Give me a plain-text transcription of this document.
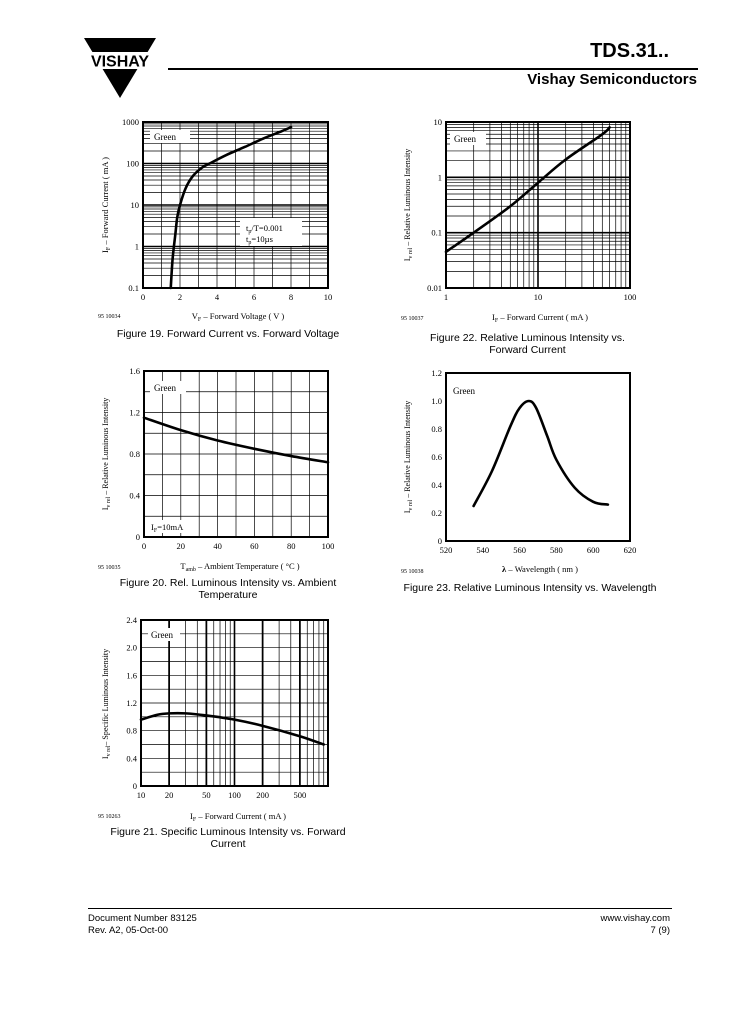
VISHAY	TDS.31..
Vishay Semiconductors
0	2	4	6	8	10
0.1
1
10
100
1000
Green
$t_p/T=0.001$
$t_p=10\mu s$
$I_F$ – Forward Current ( mA )
$V_F$ – Forward Voltage ( V )
95 10034
Figure 19. Forward Current vs. Forward Voltage
1	10	100
0.01
0.1
1
10
Green
$I_{v rel}$ – Relative Luminous Intensity
$I_F$ – Forward Current ( mA )
95 10037
Figure 22. Relative Luminous Intensity vs. Forward Current
0	20	40	60	80	100
0
0.4
0.8
1.2
1.6
Green
$I_F=10mA$
$I_{v rel}$ – Relative Luminous Intensity
$T_{amb}$ – Ambient Temperature ( °C )
95 10035
Figure 20. Rel. Luminous Intensity vs. Ambient Temperature
520	540	560	580	600	620
0
0.2
0.4
0.6
0.8
1.0
1.2
Green
$I_{v rel}$ – Relative Luminous Intensity
λ – Wavelength ( nm )
95 10038
Figure 23. Relative Luminous Intensity vs. Wavelength
10 20	50 100 200	500
0
0.4
0.8
1.2
1.6
2.0
2.4
Green
$I_{v rel}-$ Specific Luminous Intensity
$I_F$ – Forward Current ( mA )
95 10263
Figure 21. Specific Luminous Intensity vs. Forward Current
Document Number 83125
Rev. A2, 05-Oct-00
www.vishay.com
7 (9)
